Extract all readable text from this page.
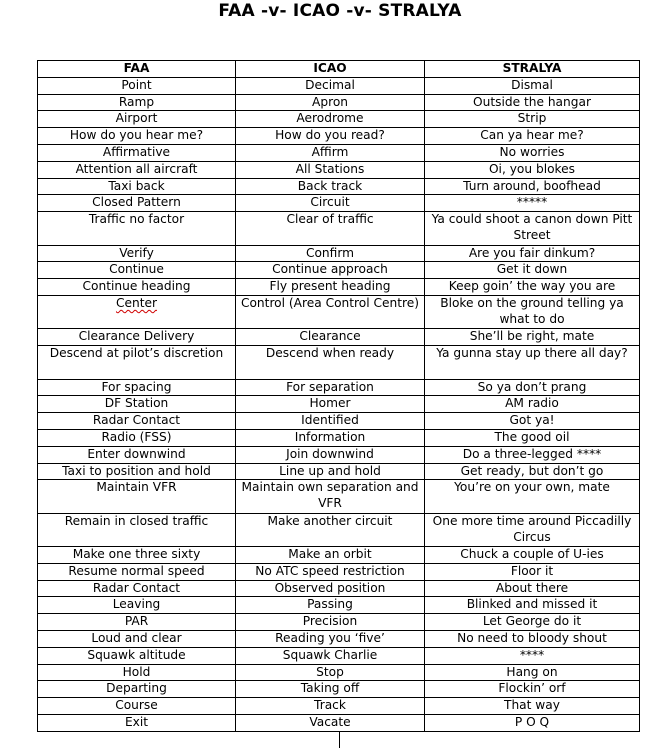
FAA -v- ICAO -v- STRALYA
FAA	ICAO	STRALYA
Point	Decimal	Dismal
Ramp	Apron	Outside the hangar
Airport	Aerodrome	Strip
How do you hear me?	How do you read?	Can ya hear me?
Affirmative	Affirm	No worries
Attention all aircraft	All Stations	Oi, you blokes
Taxi back	Back track	Turn around, boofhead
Closed Pattern	Circuit	*****
Traffic no factor	Clear of traffic	Ya could shoot a canon down Pitt Street
Verify	Confirm	Are you fair dinkum?
Continue	Continue approach	Get it down
Continue heading	Fly present heading	Keep goin’ the way you are
Center	Control (Area Control Centre)	Bloke on the ground telling ya what to do
Clearance Delivery	Clearance	She’ll be right, mate
Descend at pilot’s discretion	Descend when ready	Ya gunna stay up there all day?
For spacing	For separation	So ya don’t prang
DF Station	Homer	AM radio
Radar Contact	Identified	Got ya!
Radio (FSS)	Information	The good oil
Enter downwind	Join downwind	Do a three-legged ****
Taxi to position and hold	Line up and hold	Get ready, but don’t go
Maintain VFR	Maintain own separation and VFR	You’re on your own, mate
Remain in closed traffic	Make another circuit	One more time around Piccadilly Circus
Make one three sixty	Make an orbit	Chuck a couple of U-ies
Resume normal speed	No ATC speed restriction	Floor it
Radar Contact	Observed position	About there
Leaving	Passing	Blinked and missed it
PAR	Precision	Let George do it
Loud and clear	Reading you ‘five’	No need to bloody shout
Squawk altitude	Squawk Charlie	****
Hold	Stop	Hang on
Departing	Taking off	Flockin’ orf
Course	Track	That way
Exit	Vacate	P O Q
